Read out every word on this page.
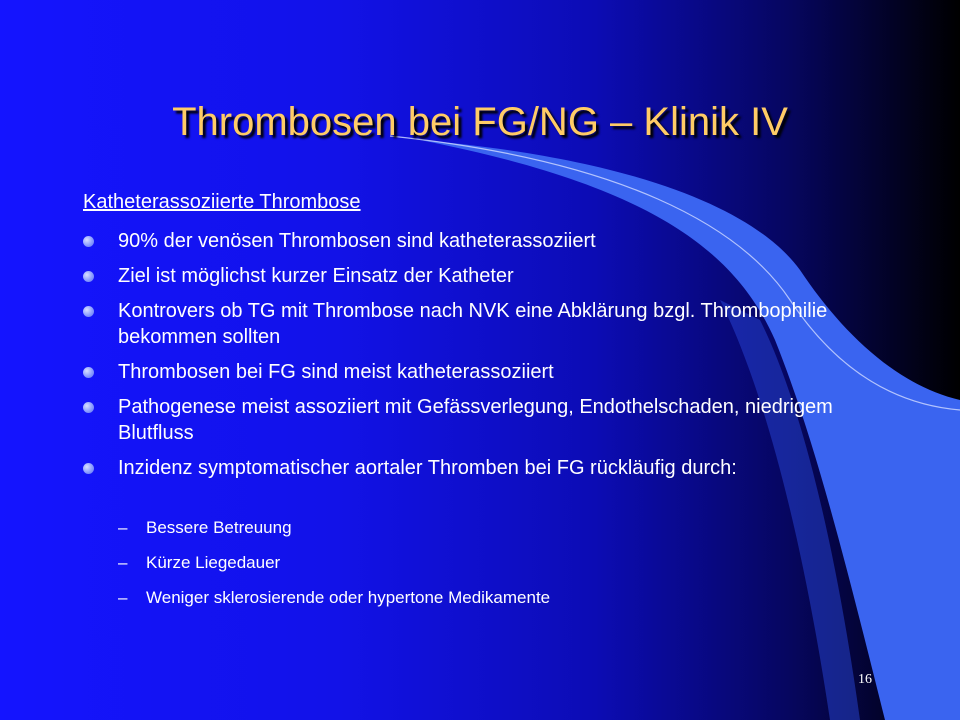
Thrombosen bei FG/NG – Klinik IV
Katheterassoziierte Thrombose
90% der venösen Thrombosen sind katheterassoziiert
Ziel ist möglichst kurzer Einsatz der Katheter
Kontrovers ob TG mit Thrombose nach NVK eine Abklärung bzgl. Thrombophilie bekommen sollten
Thrombosen bei FG sind meist katheterassoziiert
Pathogenese meist assoziiert mit Gefässverlegung, Endothelschaden, niedrigem Blutfluss
Inzidenz symptomatischer aortaler Thromben bei FG rückläufig durch:
– Bessere Betreuung
– Kürze Liegedauer
– Weniger sklerosierende oder hypertone Medikamente
16
